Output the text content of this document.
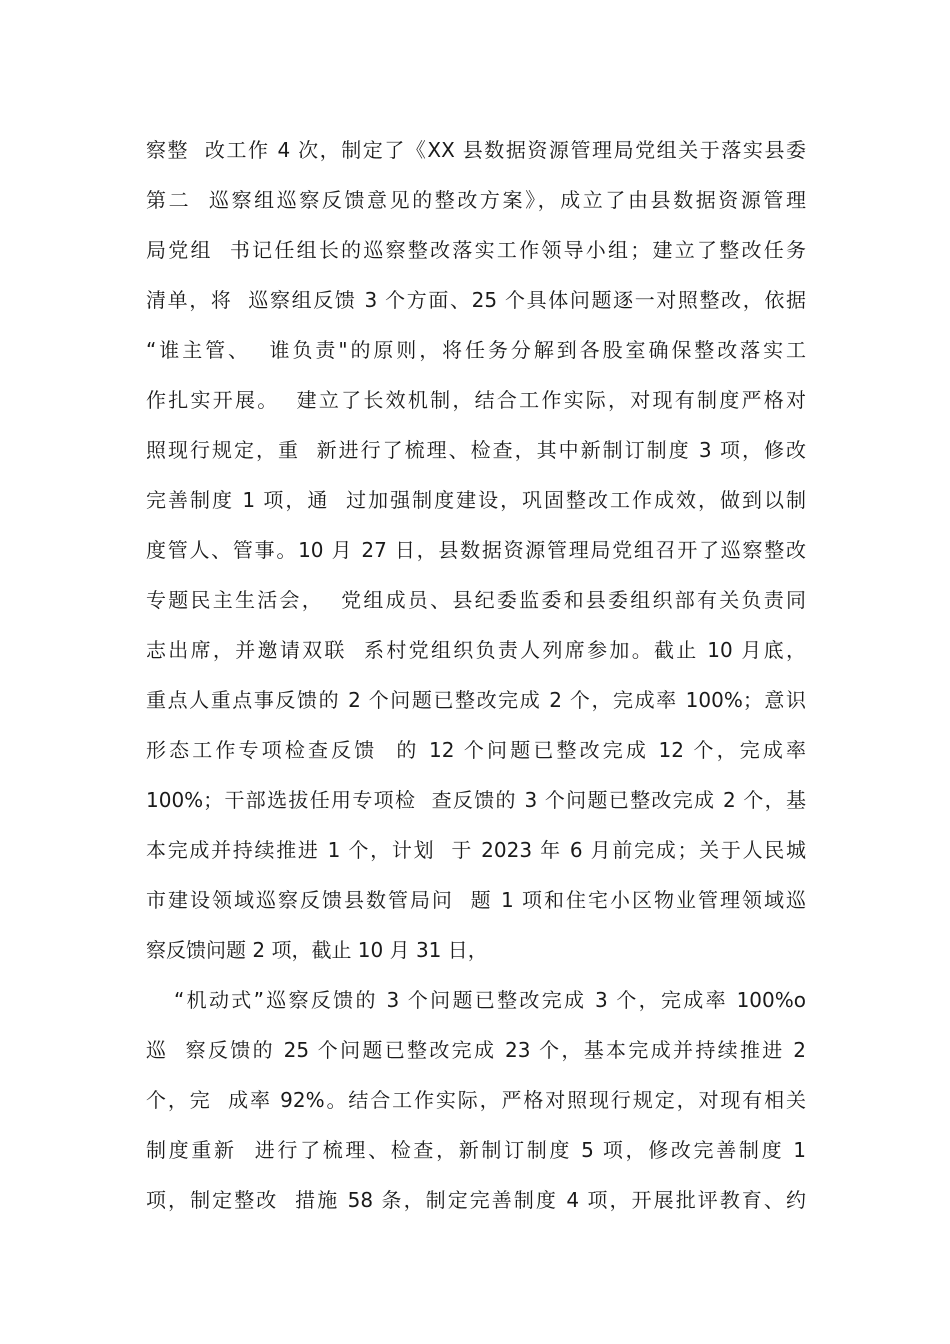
察整  改工作 4 次，制定了《XX 县数据资源管理局党组关于落实县委
第二  巡察组巡察反馈意见的整改方案》，成立了由县数据资源管理
局党组  书记任组长的巡察整改落实工作领导小组；建立了整改任务
清单，将  巡察组反馈 3 个方面、25 个具体问题逐一对照整改，依据
“谁主管、  谁负责"的原则，将任务分解到各股室确保整改落实工
作扎实开展。  建立了长效机制，结合工作实际，对现有制度严格对
照现行规定，重  新进行了梳理、检查，其中新制订制度 3 项，修改
完善制度 1 项，通  过加强制度建设，巩固整改工作成效，做到以制
度管人、管事。10 月 27 日，县数据资源管理局党组召开了巡察整改
专题民主生活会，  党组成员、县纪委监委和县委组织部有关负责同
志出席，并邀请双联  系村党组织负责人列席参加。截止 10 月底，
重点人重点事反馈的 2 个问题已整改完成 2 个，完成率 100%；意识
形态工作专项检查反馈  的 12 个问题已整改完成 12 个，完成率
100%；干部选拔任用专项检  查反馈的 3 个问题已整改完成 2 个，基
本完成并持续推进 1 个，计划  于 2023 年 6 月前完成；关于人民城
市建设领域巡察反馈县数管局问  题 1 项和住宅小区物业管理领域巡
察反馈问题 2 项，截止 10 月 31 日，
“机动式”巡察反馈的 3 个问题已整改完成 3 个，完成率 100%o
巡  察反馈的 25 个问题已整改完成 23 个，基本完成并持续推进 2
个，完  成率 92%。结合工作实际，严格对照现行规定，对现有相关
制度重新  进行了梳理、检查，新制订制度 5 项，修改完善制度 1
项，制定整改  措施 58 条，制定完善制度 4 项，开展批评教育、约
